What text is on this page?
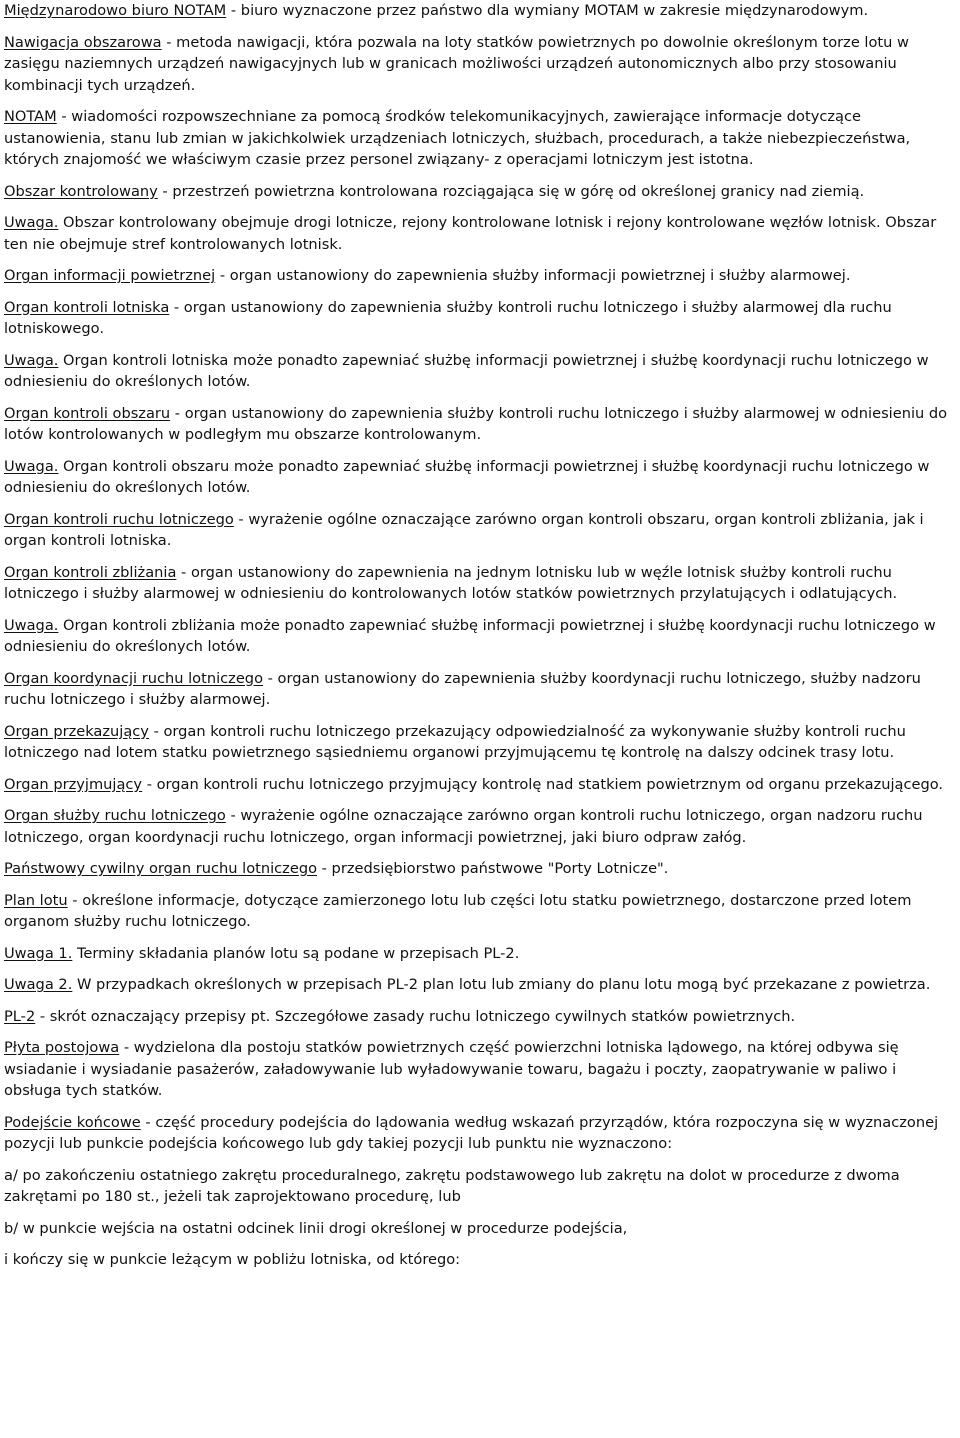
Międzynarodowo biuro NOTAM - biuro wyznaczone przez państwo dla wymiany MOTAM w zakresie międzynarodowym.

Nawigacja obszarowa - metoda nawigacji, która pozwala na loty statków powietrznych po dowolnie określonym torze lotu w zasięgu naziemnych urządzeń nawigacyjnych lub w granicach możliwości urządzeń autonomicznych albo przy stosowaniu kombinacji tych urządzeń.

NOTAM - wiadomości rozpowszechniane za pomocą środków telekomunikacyjnych, zawierające informacje dotyczące ustanowienia, stanu lub zmian w jakichkolwiek urządzeniach lotniczych, służbach, procedurach, a także niebezpieczeństwa, których znajomość we właściwym czasie przez personel związany- z operacjami lotniczym jest istotna.

Obszar kontrolowany - przestrzeń powietrzna kontrolowana rozciągająca się w górę od określonej granicy nad ziemią.

Uwaga. Obszar kontrolowany obejmuje drogi lotnicze, rejony kontrolowane lotnisk i rejony kontrolowane węzłów lotnisk. Obszar ten nie obejmuje stref kontrolowanych lotnisk.

Organ informacji powietrznej - organ ustanowiony do zapewnienia służby informacji powietrznej i służby alarmowej.

Organ kontroli lotniska - organ ustanowiony do zapewnienia służby kontroli ruchu lotniczego i służby alarmowej dla ruchu lotniskowego.

Uwaga. Organ kontroli lotniska może ponadto zapewniać służbę informacji powietrznej i służbę koordynacji ruchu lotniczego w odniesieniu do określonych lotów.

Organ kontroli obszaru - organ ustanowiony do zapewnienia służby kontroli ruchu lotniczego i służby alarmowej w odniesieniu do lotów kontrolowanych w podległym mu obszarze kontrolowanym.

Uwaga. Organ kontroli obszaru może ponadto zapewniać służbę informacji powietrznej i służbę koordynacji ruchu lotniczego w odniesieniu do określonych lotów.

Organ kontroli ruchu lotniczego - wyrażenie ogólne oznaczające zarówno organ kontroli obszaru, organ kontroli zbliżania, jak i organ kontroli lotniska.

Organ kontroli zbliżania - organ ustanowiony do zapewnienia na jednym lotnisku lub w węźle lotnisk służby kontroli ruchu lotniczego i służby alarmowej w odniesieniu do kontrolowanych lotów statków powietrznych przylatujących i odlatujących.

Uwaga. Organ kontroli zbliżania może ponadto zapewniać służbę informacji powietrznej i służbę koordynacji ruchu lotniczego w odniesieniu do określonych lotów.

Organ koordynacji ruchu lotniczego - organ ustanowiony do zapewnienia służby koordynacji ruchu lotniczego, służby nadzoru ruchu lotniczego i służby alarmowej.

Organ przekazujący - organ kontroli ruchu lotniczego przekazujący odpowiedzialność za wykonywanie służby kontroli ruchu lotniczego nad lotem statku powietrznego sąsiedniemu organowi przyjmującemu tę kontrolę na dalszy odcinek trasy lotu.

Organ przyjmujący - organ kontroli ruchu lotniczego przyjmujący kontrolę nad statkiem powietrznym od organu przekazującego.

Organ służby ruchu lotniczego - wyrażenie ogólne oznaczające zarówno organ kontroli ruchu lotniczego, organ nadzoru ruchu lotniczego, organ koordynacji ruchu lotniczego, organ informacji powietrznej, jaki biuro odpraw załóg.

Państwowy cywilny organ ruchu lotniczego - przedsiębiorstwo państwowe "Porty Lotnicze".

Plan lotu - określone informacje, dotyczące zamierzonego lotu lub części lotu statku powietrznego, dostarczone przed lotem organom służby ruchu lotniczego.

Uwaga 1. Terminy składania planów lotu są podane w przepisach PL-2.

Uwaga 2. W przypadkach określonych w przepisach PL-2 plan lotu lub zmiany do planu lotu mogą być przekazane z powietrza.

PL-2 - skrót oznaczający przepisy pt. Szczegółowe zasady ruchu lotniczego cywilnych statków powietrznych.

Płyta postojowa - wydzielona dla postoju statków powietrznych część powierzchni lotniska lądowego, na której odbywa się wsiadanie i wysiadanie pasażerów, załadowywanie lub wyładowywanie towaru, bagażu i poczty, zaopatrywanie w paliwo i obsługa tych statków.

Podejście końcowe - część procedury podejścia do lądowania według wskazań przyrządów, która rozpoczyna się w wyznaczonej pozycji lub punkcie podejścia końcowego lub gdy takiej pozycji lub punktu nie wyznaczono:

a/ po zakończeniu ostatniego zakrętu proceduralnego, zakrętu podstawowego lub zakrętu na dolot w procedurze z dwoma zakrętami po 180 st., jeżeli tak zaprojektowano procedurę, lub

b/ w punkcie wejścia na ostatni odcinek linii drogi określonej w procedurze podejścia,

i kończy się w punkcie leżącym w pobliżu lotniska, od którego:
